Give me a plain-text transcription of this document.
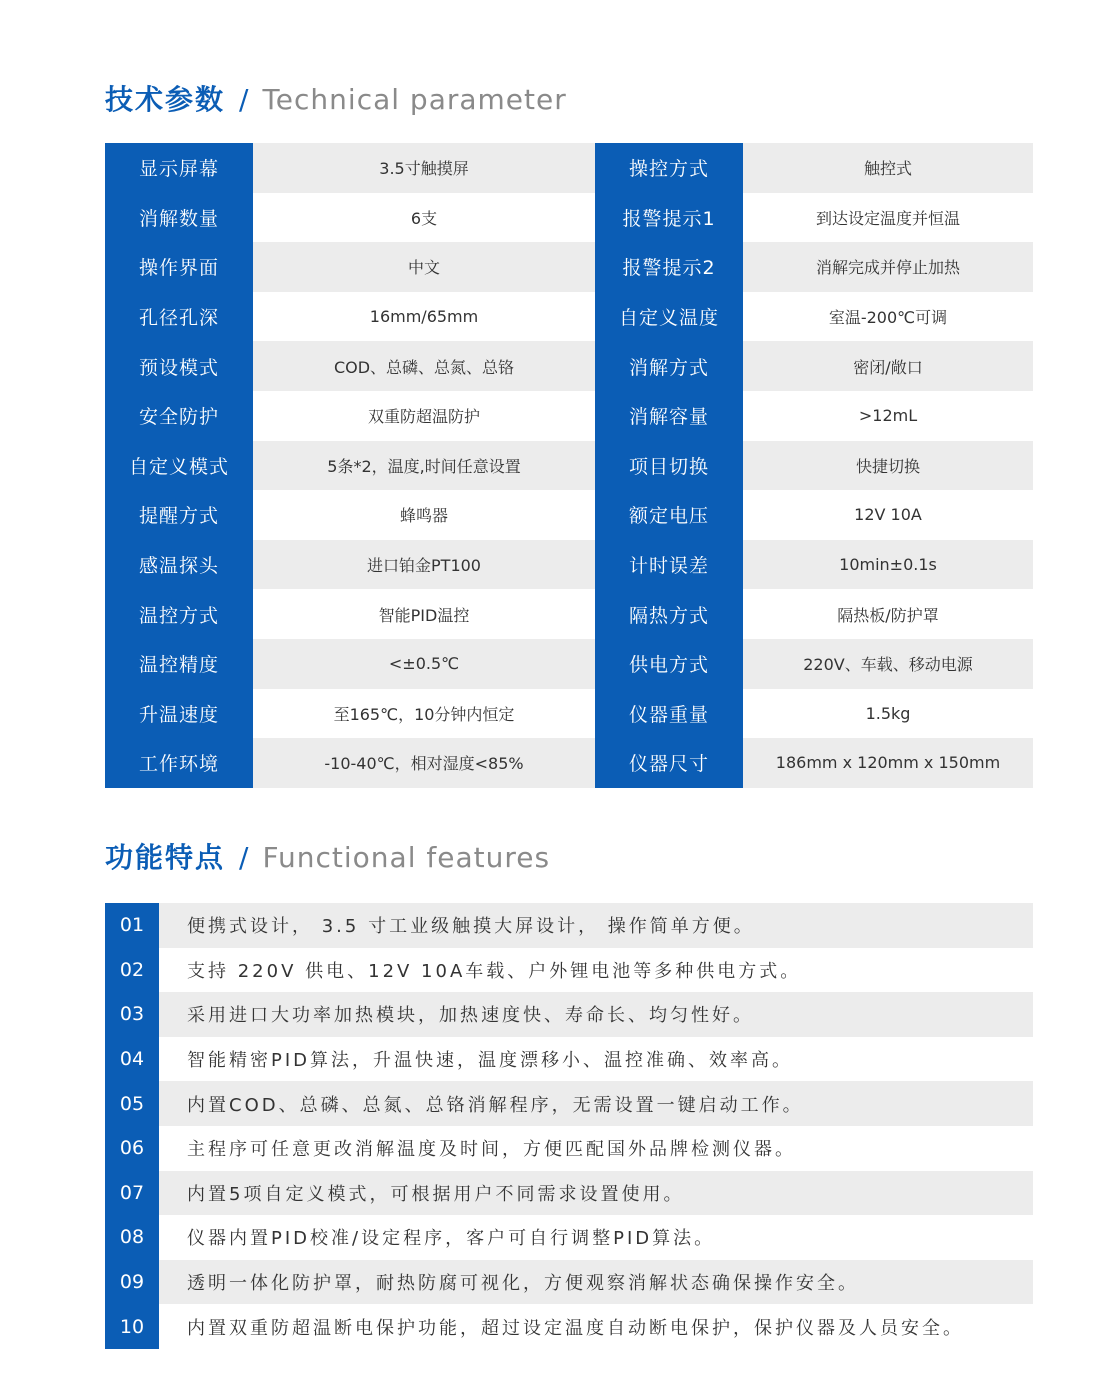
技术参数 / Technical parameter
显示屏幕	3.5寸触摸屏	操控方式	触控式
消解数量	6支	报警提示1	到达设定温度并恒温
操作界面	中文	报警提示2	消解完成并停止加热
孔径孔深	16mm/65mm	自定义温度	室温-200℃可调
预设模式	COD、总磷、总氮、总铬	消解方式	密闭/敞口
安全防护	双重防超温防护	消解容量	>12mL
自定义模式	5条*2，温度,时间任意设置	项目切换	快捷切换
提醒方式	蜂鸣器	额定电压	12V 10A
感温探头	进口铂金PT100	计时误差	10min±0.1s
温控方式	智能PID温控	隔热方式	隔热板/防护罩
温控精度	<±0.5℃	供电方式	220V、车载、移动电源
升温速度	至165℃，10分钟内恒定	仪器重量	1.5kg
工作环境	-10-40℃，相对湿度<85%	仪器尺寸	186mm x 120mm x 150mm
功能特点 / Functional features
01	便携式设计， 3.5 寸工业级触摸大屏设计， 操作简单方便。
02	支持 220V 供电、12V 10A车载、户外锂电池等多种供电方式。
03	采用进口大功率加热模块，加热速度快、寿命长、均匀性好。
04	智能精密PID算法，升温快速，温度漂移小、温控准确、效率高。
05	内置COD、总磷、总氮、总铬消解程序，无需设置一键启动工作。
06	主程序可任意更改消解温度及时间，方便匹配国外品牌检测仪器。
07	内置5项自定义模式，可根据用户不同需求设置使用。
08	仪器内置PID校准/设定程序，客户可自行调整PID算法。
09	透明一体化防护罩，耐热防腐可视化，方便观察消解状态确保操作安全。
10	内置双重防超温断电保护功能，超过设定温度自动断电保护，保护仪器及人员安全。
